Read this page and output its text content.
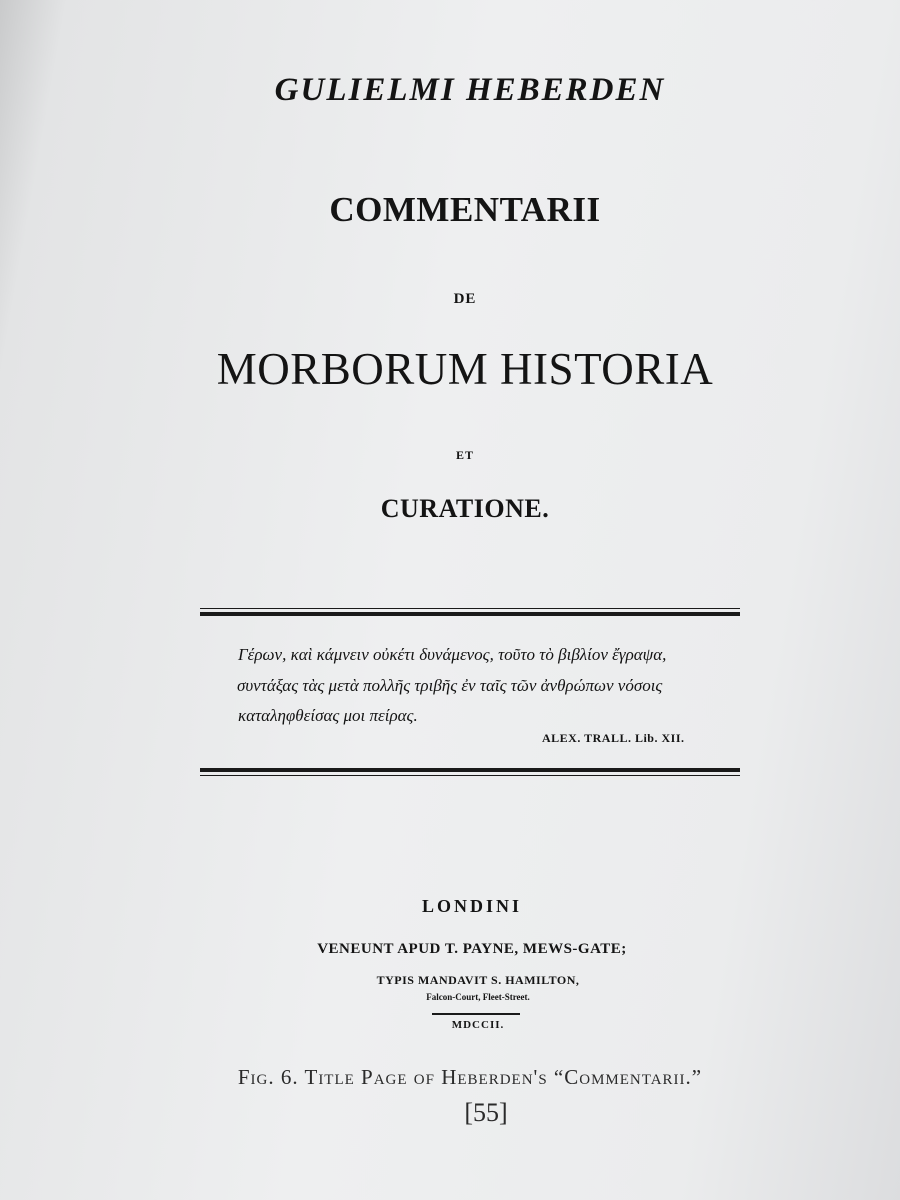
GULIELMI HEBERDEN
COMMENTARII
DE
MORBORUM HISTORIA
ET
CURATIONE.
Γέρων, καὶ κάμνειν οὐκέτι δυνάμενος, τοῦτο τὸ βιβλίον ἔγραψα,
συντάξας τὰς μετὰ πολλῆς τριβῆς ἐν ταῖς τῶν ἀνθρώπων νόσοις
καταληφθείσας μοι πείρας.
ALEX. TRALL. Lib. XII.
LONDINI
VENEUNT APUD T. PAYNE, MEWS-GATE;
TYPIS MANDAVIT S. HAMILTON,
Falcon-Court, Fleet-Street.
MDCCII.
Fig. 6. Title Page of Heberden's “Commentarii.”
[55]
